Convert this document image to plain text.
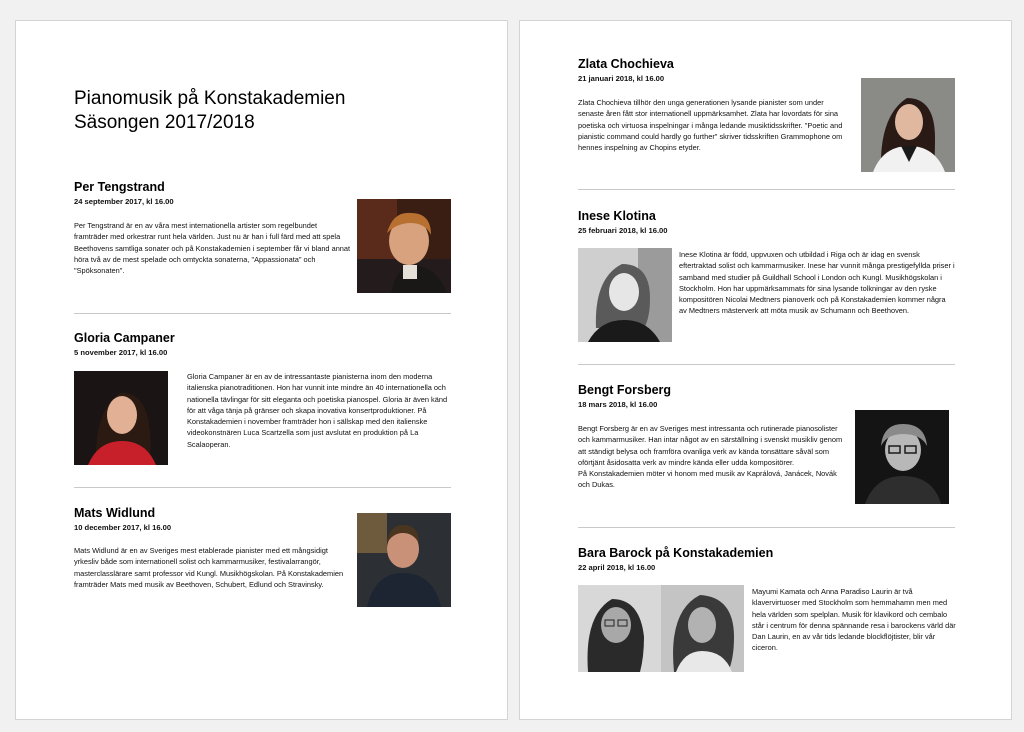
Pianomusik på Konstakademien
Säsongen 2017/2018
Per Tengstrand
24 september 2017, kl 16.00

Per Tengstrand är en av våra mest internationella artister som regelbundet framträder med orkestrar runt hela världen. Just nu är han i full färd med att spela Beethovens samtliga sonater och på Konstakademien i september får vi bland annat höra två av de mest spelade och omtyckta sonaterna, "Appassionata" och "Spöksonaten".

Gloria Campaner
5 november 2017, kl 16.00

Gloria Campaner är en av de intressantaste pianisterna inom den moderna italienska pianotraditionen. Hon har vunnit inte mindre än 40 internationella och nationella tävlingar för sitt eleganta och poetiska pianospel. Gloria är även känd för att våga tänja på gränser och skapa inovativa konsertproduktioner. På Konstakademien i november framträder hon i sällskap med den italienske videokonstnären Luca Scartzella som just avslutat en produktion på La Scalaoperan.

Mats Widlund
10 december 2017, kl 16.00

Mats Widlund är en av Sveriges mest etablerade pianister med ett mångsidigt yrkesliv både som internationell solist och kammarmusiker, festivalarrangör, masterclasslärare samt professor vid Kungl. Musikhögskolan. På Konstakademien framträder Mats med musik av Beethoven, Schubert, Edlund och Stravinsky.

Zlata Chochieva
21 januari 2018, kl 16.00

Zlata Chochieva tillhör den unga generationen lysande pianister som under senaste åren fått stor internationell uppmärksamhet. Zlata har lovordats för sina poetiska och virtuosa inspelningar i många ledande musiktidsskrifter. "Poetic and pianistic command could hardly go further" skriver tidsskriften Grammophone om hennes inspelning av Chopins etyder.

Inese Klotina
25 februari 2018, kl 16.00

Inese Klotina är född, uppvuxen och utbildad i Riga och är idag en svensk eftertraktad solist och kammarmusiker. Inese har vunnit många prestigefyllda priser i samband med studier på Guildhall School i London och Kungl. Musikhögskolan i Stockholm. Hon har uppmärksammats för sina lysande tolkningar av den ryske kompositören Nicolai Medtners pianoverk och på Konstakademien kommer några av Medtners mästerverk att möta musik av Schumann och Beethoven.

Bengt Forsberg
18 mars 2018, kl 16.00

Bengt Forsberg är en av Sveriges mest intressanta och rutinerade pianosolister och kammarmusiker. Han intar något av en särställning i svenskt musikliv genom att ständigt belysa och framföra ovanliga verk av kända tonsättare såväl som oförtjänt åsidosatta verk av mindre kända eller udda kompositörer.

På Konstakademien möter vi honom med musik av Kaprálová, Janácek, Novák och Dukas.

Bara Barock på Konstakademien
22 april 2018, kl 16.00

Mayumi Kamata och Anna Paradiso Laurin är två klavervirtuoser med Stockholm som hemmahamn men med hela världen som spelplan. Musik för klavikord och cembalo står i centrum för denna spännande resa i barockens värld där Dan Laurin, en av vår tids ledande blockflöjtister, blir vår ciceron.
